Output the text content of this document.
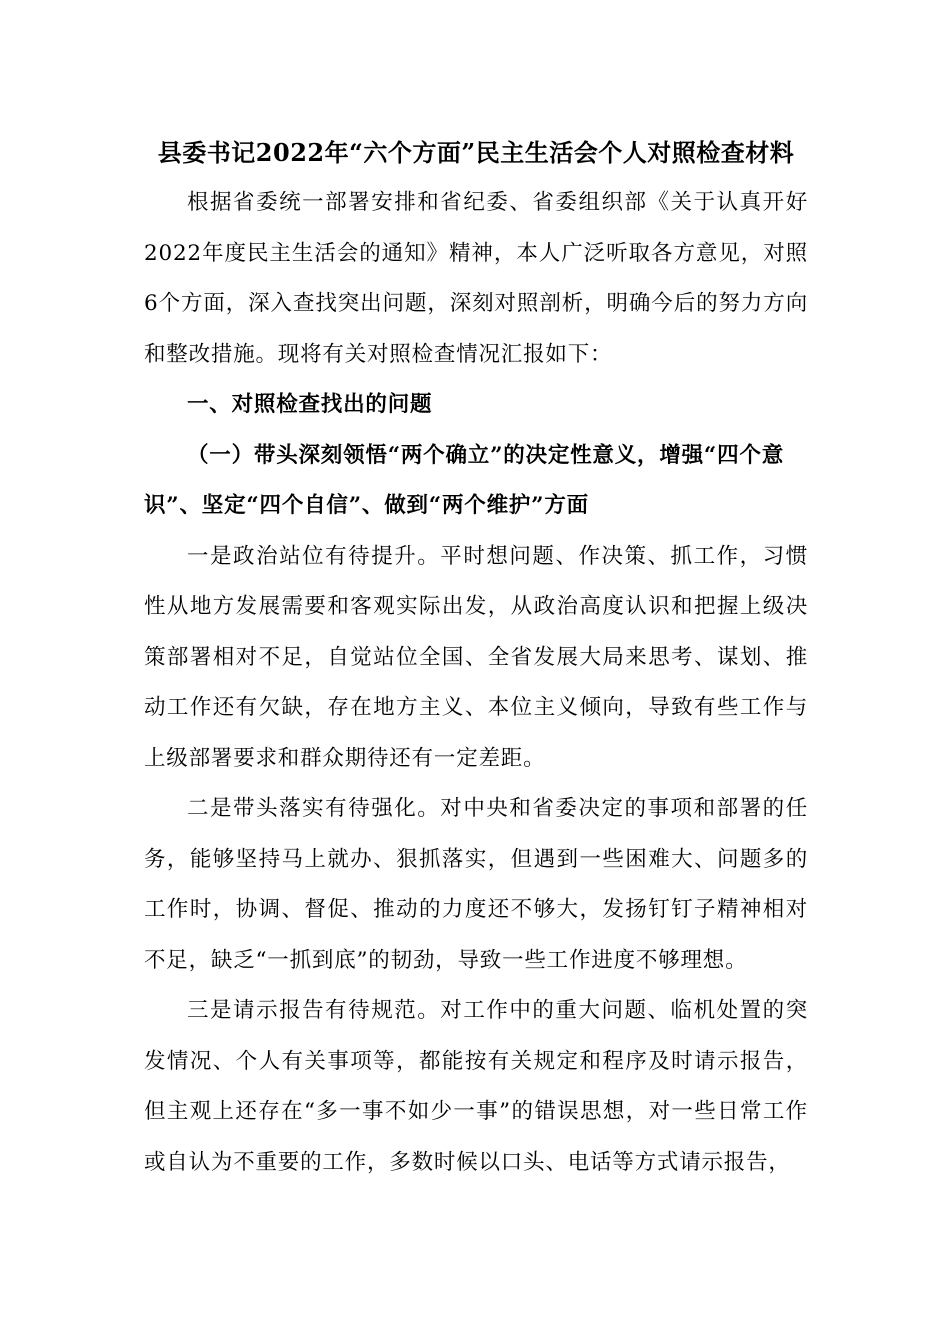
县委书记2022年“六个方面”民主生活会个人对照检查材料

根据省委统一部署安排和省纪委、省委组织部《关于认真开好2022年度民主生活会的通知》精神，本人广泛听取各方意见，对照6个方面，深入查找突出问题，深刻对照剖析，明确今后的努力方向和整改措施。现将有关对照检查情况汇报如下：

一、对照检查找出的问题

（一）带头深刻领悟“两个确立”的决定性意义，增强“四个意识”、坚定“四个自信”、做到“两个维护”方面

一是政治站位有待提升。平时想问题、作决策、抓工作，习惯性从地方发展需要和客观实际出发，从政治高度认识和把握上级决策部署相对不足，自觉站位全国、全省发展大局来思考、谋划、推动工作还有欠缺，存在地方主义、本位主义倾向，导致有些工作与上级部署要求和群众期待还有一定差距。

二是带头落实有待强化。对中央和省委决定的事项和部署的任务，能够坚持马上就办、狠抓落实，但遇到一些困难大、问题多的工作时，协调、督促、推动的力度还不够大，发扬钉钉子精神相对不足，缺乏“一抓到底”的韧劲，导致一些工作进度不够理想。

三是请示报告有待规范。对工作中的重大问题、临机处置的突发情况、个人有关事项等，都能按有关规定和程序及时请示报告，但主观上还存在“多一事不如少一事”的错误思想，对一些日常工作或自认为不重要的工作，多数时候以口头、电话等方式请示报告，
